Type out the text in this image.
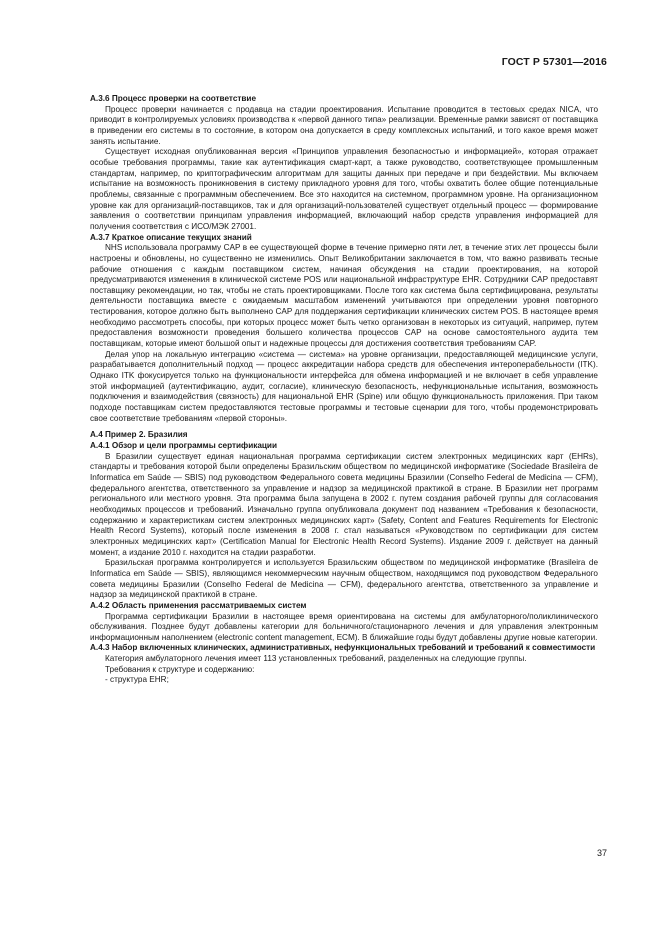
ГОСТ Р 57301—2016
А.3.6 Процесс проверки на соответствие

Процесс проверки начинается с продавца на стадии проектирования. Испытание проводится в тестовых средах NICA, что приводит в контролируемых условиях производства к «первой данного типа» реализации. Временные рамки зависят от поставщика в приведении его системы в то состояние, в котором она допускается в среду комплексных испытаний, и того какое время может занять испытание.

Существует исходная опубликованная версия «Принципов управления безопасностью и информацией», которая отражает особые требования программы, такие как аутентификация смарт-карт, а также руководство, соответствующее промышленным стандартам, например, по криптографическим алгоритмам для защиты данных при передаче и при бездействии. Мы включаем испытание на возможность проникновения в систему прикладного уровня для того, чтобы охватить более общие потенциальные проблемы, связанные с программным обеспечением. Все это находится на системном, программном уровне. На организационном уровне как для организаций-поставщиков, так и для организаций-пользователей существует отдельный процесс — формирование заявления о соответствии принципам управления информацией, включающий набор средств управления информацией для получения соответствия с ИСО/МЭК 27001.

А.3.7 Краткое описание текущих знаний

NHS использовала программу CAP в ее существующей форме в течение примерно пяти лет, в течение этих лет процессы были настроены и обновлены, но существенно не изменились. Опыт Великобритании заключается в том, что важно развивать тесные рабочие отношения с каждым поставщиком систем, начиная обсуждения на стадии проектирования, на которой предусматриваются изменения в клинической системе POS или национальной инфраструктуре EHR. Сотрудники CAP предоставят поставщику рекомендации, но так, чтобы не стать проектировщиками. После того как система была сертифицирована, результаты деятельности поставщика вместе с ожидаемым масштабом изменений учитываются при определении уровня повторного тестирования, которое должно быть выполнено CAP для поддержания сертификации клинических систем POS. В настоящее время необходимо рассмотреть способы, при которых процесс может быть четко организован в некоторых из ситуаций, например, путем предоставления возможности проведения большего количества процессов CAP на основе самостоятельного аудита тем поставщикам, которые имеют большой опыт и надежные процессы для достижения соответствия требованиям CAP.

Делая упор на локальную интеграцию «система — система» на уровне организации, предоставляющей медицинские услуги, разрабатывается дополнительный подход — процесс аккредитации набора средств для обеспечения интероперабельности (ITK). Однако ITK фокусируется только на функциональности интерфейса для обмена информацией и не включает в себя управление этой информацией (аутентификацию, аудит, согласие), клиническую безопасность, нефункциональные испытания, возможность подключения и взаимодействия (связность) для национальной EHR (Spine) или общую функциональность приложения. При таком подходе поставщикам систем предоставляются тестовые программы и тестовые сценарии для того, чтобы продемонстрировать свое соответствие требованиям «первой стороны».

А.4 Пример 2. Бразилия
А.4.1 Обзор и цели программы сертификации

В Бразилии существует единая национальная программа сертификации систем электронных медицинских карт (EHRs), стандарты и требования которой были определены Бразильским обществом по медицинской информатике (Sociedade Brasileira de Informatica em Saúde — SBIS) под руководством Федерального совета медицины Бразилии (Conselho Federal de Medicina — CFM), федерального агентства, ответственного за управление и надзор за медицинской практикой в стране. В Бразилии нет программ регионального или местного уровня. Эта программа была запущена в 2002 г. путем создания рабочей группы для согласования необходимых процессов и требований. Изначально группа опубликовала документ под названием «Требования к безопасности, содержанию и характеристикам систем электронных медицинских карт» (Safety, Content and Features Requirements for Electronic Health Record Systems), который после изменения в 2008 г. стал называться «Руководством по сертификации для систем электронных медицинских карт» (Certification Manual for Electronic Health Record Systems). Издание 2009 г. действует на данный момент, а издание 2010 г. находится на стадии разработки.

Бразильская программа контролируется и используется Бразильским обществом по медицинской информатике (Brasileira de Informatica em Saúde — SBIS), являющимся некоммерческим научным обществом, находящимся под руководством Федерального совета медицины Бразилии (Conselho Federal de Medicina — CFM), федерального агентства, ответственного за управление и надзор за медицинской практикой в стране.

А.4.2 Область применения рассматриваемых систем

Программа сертификации Бразилии в настоящее время ориентирована на системы для амбулаторного/поликлинического обслуживания. Позднее будут добавлены категории для больничного/стационарного лечения и для управления электронным информационным наполнением (electronic content management, ECM). В ближайшие годы будут добавлены другие новые категории.

А.4.3 Набор включенных клинических, административных, нефункциональных требований и требований к совместимости

Категория амбулаторного лечения имеет 113 установленных требований, разделенных на следующие группы.

Требования к структуре и содержанию:

- структура EHR;

37
